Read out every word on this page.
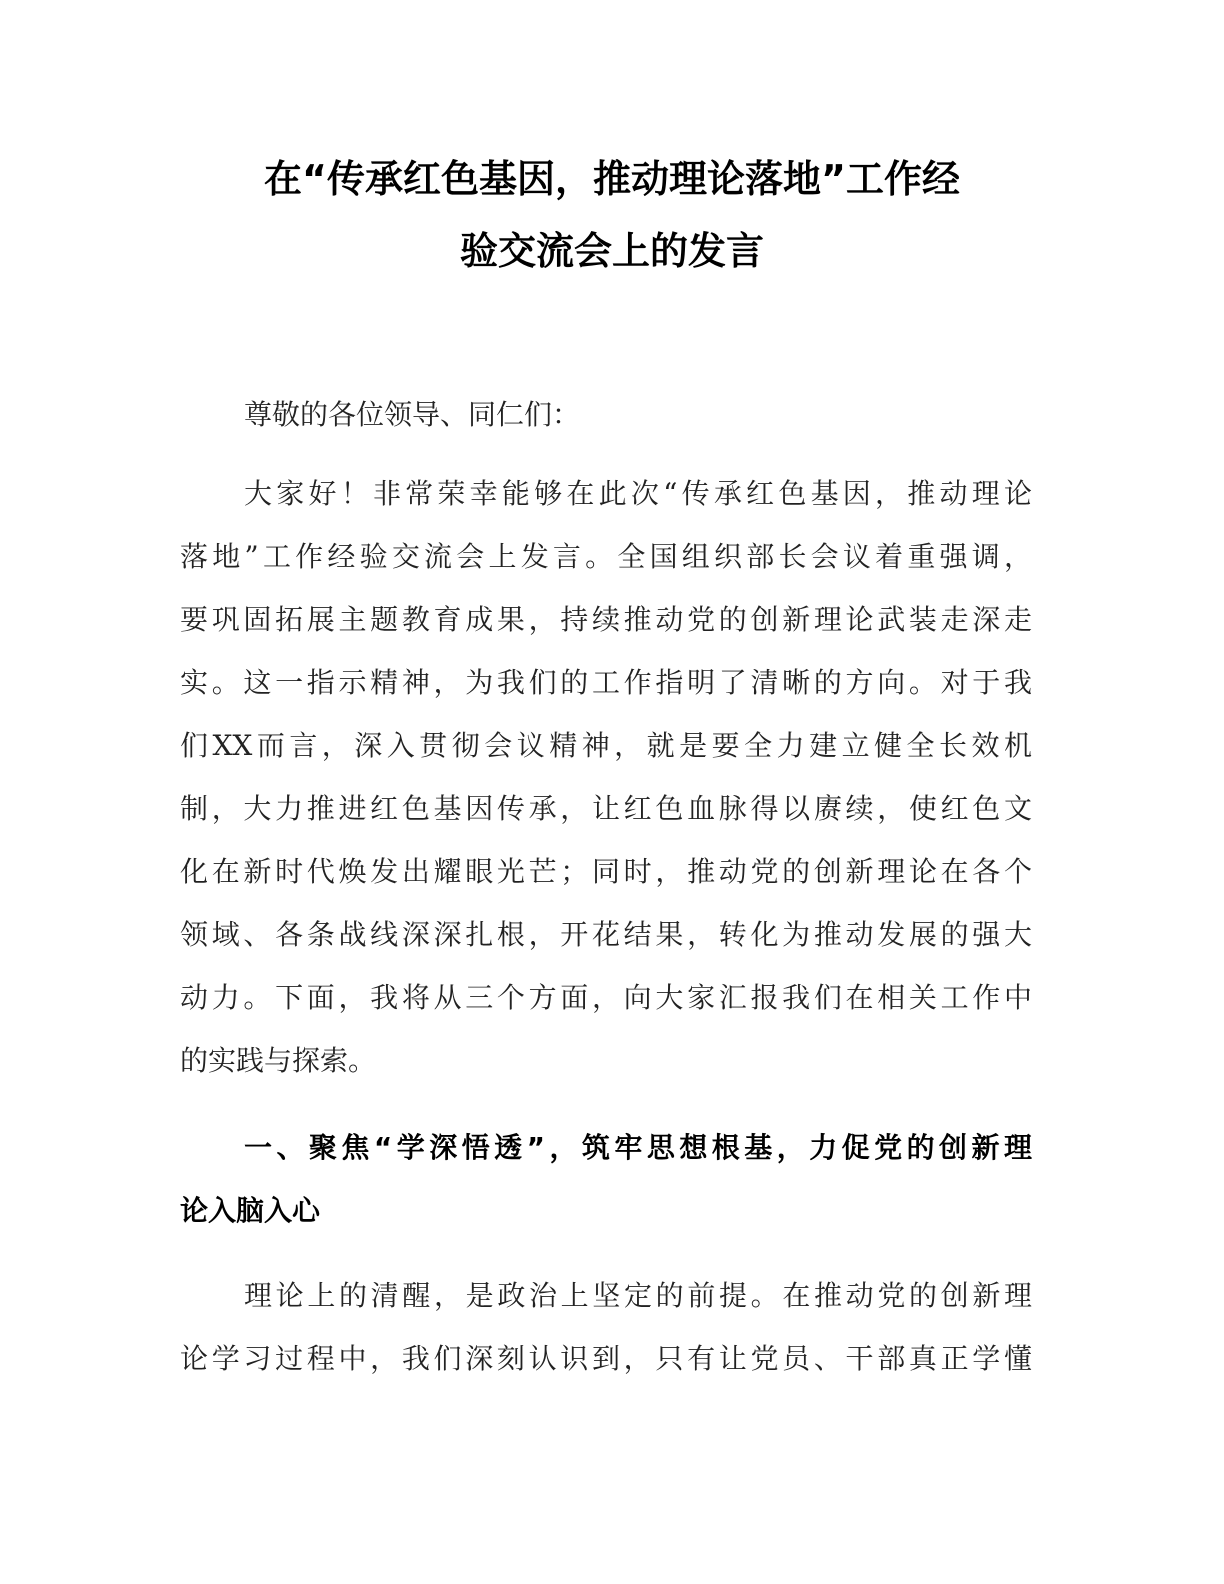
在“传承红色基因，推动理论落地”工作经
验交流会上的发言
尊敬的各位领导、同仁们：
大家好！非常荣幸能够在此次“传承红色基因，推动理论
落地”工作经验交流会上发言。全国组织部长会议着重强调，
要巩固拓展主题教育成果，持续推动党的创新理论武装走深走
实。这一指示精神，为我们的工作指明了清晰的方向。对于我
们XX而言，深入贯彻会议精神，就是要全力建立健全长效机
制，大力推进红色基因传承，让红色血脉得以赓续，使红色文
化在新时代焕发出耀眼光芒；同时，推动党的创新理论在各个
领域、各条战线深深扎根，开花结果，转化为推动发展的强大
动力。下面，我将从三个方面，向大家汇报我们在相关工作中
的实践与探索。
一、聚焦“学深悟透”，筑牢思想根基，力促党的创新理
论入脑入心
理论上的清醒，是政治上坚定的前提。在推动党的创新理
论学习过程中，我们深刻认识到，只有让党员、干部真正学懂
